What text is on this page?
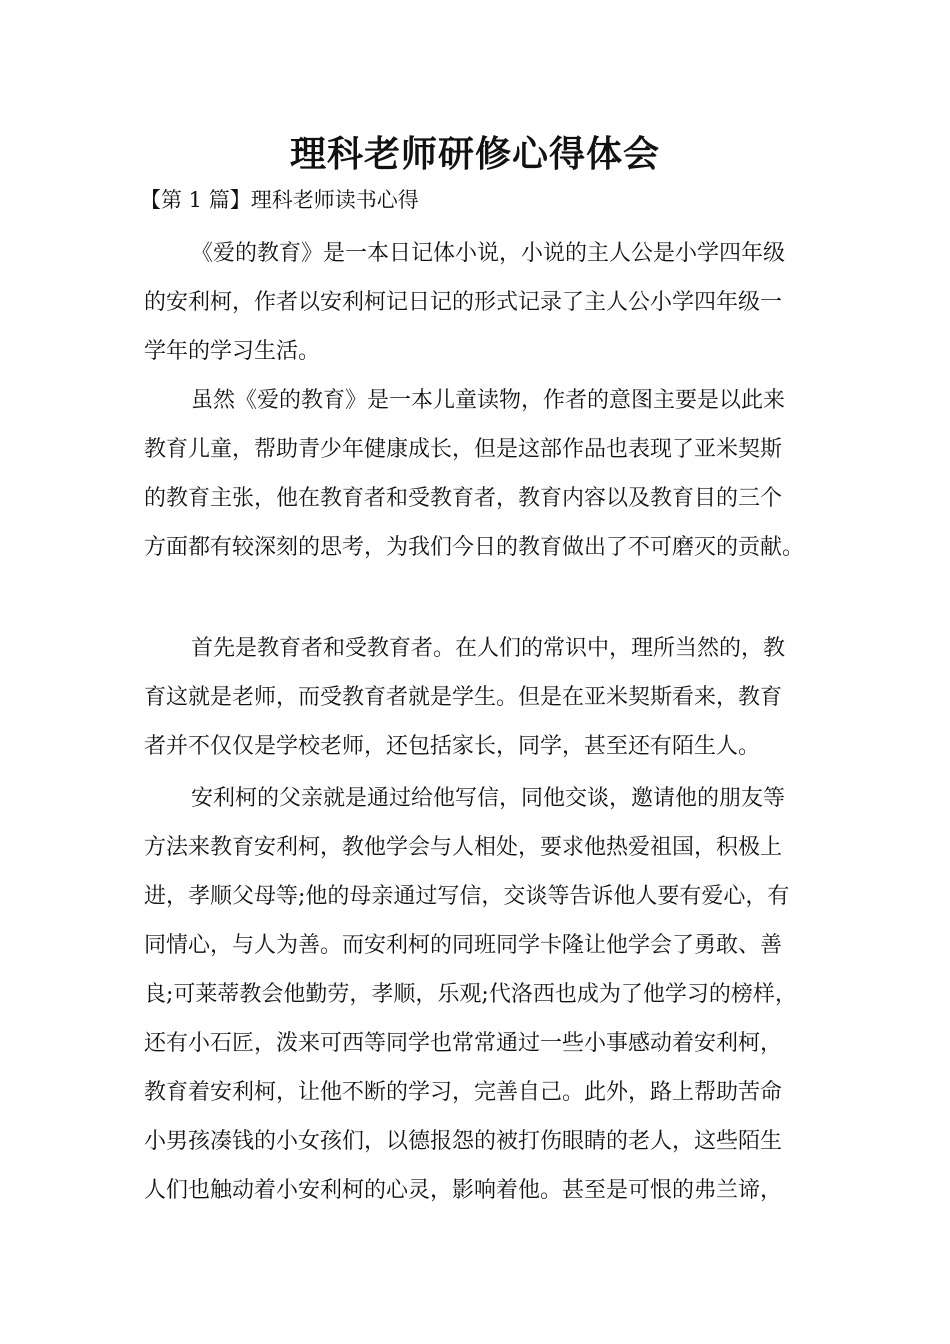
理科老师研修心得体会

【第 1 篇】理科老师读书心得

《爱的教育》是一本日记体小说，小说的主人公是小学四年级
的安利柯，作者以安利柯记日记的形式记录了主人公小学四年级一
学年的学习生活。
虽然《爱的教育》是一本儿童读物，作者的意图主要是以此来
教育儿童，帮助青少年健康成长，但是这部作品也表现了亚米契斯
的教育主张，他在教育者和受教育者，教育内容以及教育目的三个
方面都有较深刻的思考，为我们今日的教育做出了不可磨灭的贡献。
首先是教育者和受教育者。在人们的常识中，理所当然的，教
育这就是老师，而受教育者就是学生。但是在亚米契斯看来，教育
者并不仅仅是学校老师，还包括家长，同学，甚至还有陌生人。
安利柯的父亲就是通过给他写信，同他交谈，邀请他的朋友等
方法来教育安利柯，教他学会与人相处，要求他热爱祖国，积极上
进，孝顺父母等;他的母亲通过写信，交谈等告诉他人要有爱心，有
同情心，与人为善。而安利柯的同班同学卡隆让他学会了勇敢、善
良;可莱蒂教会他勤劳，孝顺，乐观;代洛西也成为了他学习的榜样，
还有小石匠，泼来可西等同学也常常通过一些小事感动着安利柯，
教育着安利柯，让他不断的学习，完善自己。此外，路上帮助苦命
小男孩凑钱的小女孩们，以德报怨的被打伤眼睛的老人，这些陌生
人们也触动着小安利柯的心灵，影响着他。甚至是可恨的弗兰谛，
